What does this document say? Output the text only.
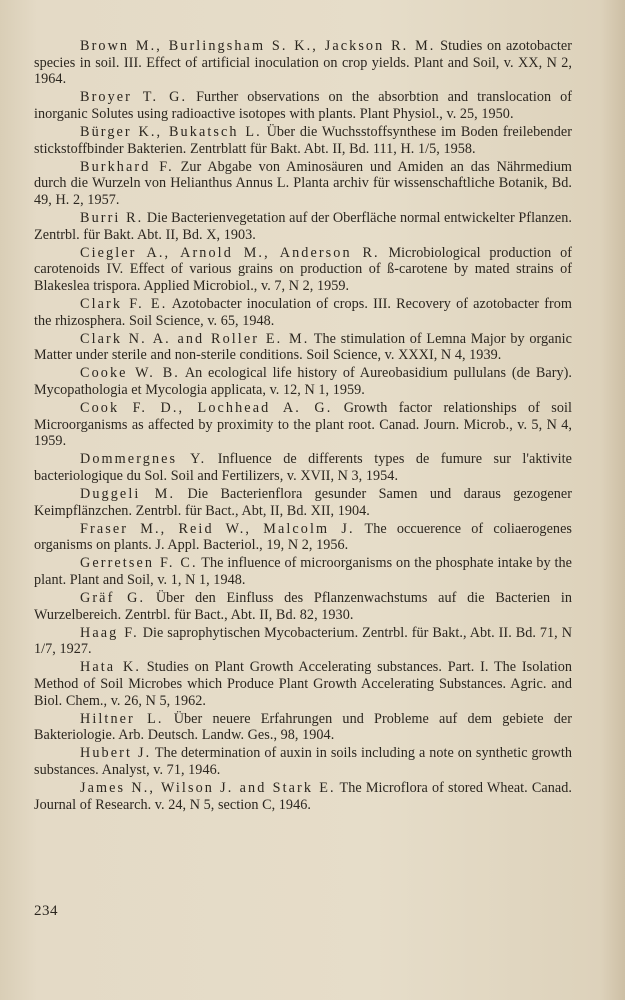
Brown M., Burlingsham S. K., Jackson R. M. Studies on azotobacter species in soil. III. Effect of artificial inoculation on crop yields. Plant and Soil, v. XX, N 2, 1964.

Broyer T. G. Further observations on the absorbtion and translocation of inorganic Solutes using radioactive isotopes with plants. Plant Physiol., v. 25, 1950.

Bürger K., Bukatsch L. Über die Wuchsstoffsynthese im Boden freilebender stickstoffbinder Bakterien. Zentrblatt für Bakt. Abt. II, Bd. 111, H. 1/5, 1958.

Burkhard F. Zur Abgabe von Aminosäuren und Amiden an das Nährmedium durch die Wurzeln von Helianthus Annus L. Planta archiv für wissenschaftliche Botanik, Bd. 49, H. 2, 1957.

Burri R. Die Bacterienvegetation auf der Oberfläche normal entwickelter Pflanzen. Zentrbl. für Bakt. Abt. II, Bd. X, 1903.

Ciegler A., Arnold M., Anderson R. Microbiological production of carotenoids IV. Effect of various grains on production of ß-carotene by mated strains of Blakeslea trispora. Applied Microbiol., v. 7, N 2, 1959.

Clark F. E. Azotobacter inoculation of crops. III. Recovery of azotobacter from the rhizosphera. Soil Science, v. 65, 1948.

Clark N. A. and Roller E. M. The stimulation of Lemna Major by organic Matter under sterile and non-sterile conditions. Soil Science, v. XXXI, N 4, 1939.

Cooke W. B. An ecological life history of Aureobasidium pullulans (de Bary). Mycopathologia et Mycologia applicata, v. 12, N 1, 1959.

Cook F. D., Lochhead A. G. Growth factor relationships of soil Microorganisms as affected by proximity to the plant root. Canad. Journ. Microb., v. 5, N 4, 1959.

Dommergnes Y. Influence de differents types de fumure sur l'aktivite bacteriologique du Sol. Soil and Fertilizers, v. XVII, N 3, 1954.

Duggeli M. Die Bacterienflora gesunder Samen und daraus gezogener Keimpflänzchen. Zentrbl. für Bact., Abt, II, Bd. XII, 1904.

Fraser M., Reid W., Malcolm J. The occuerence of coliaerogenes organisms on plants. J. Appl. Bacteriol., 19, N 2, 1956.

Gerretsen F. C. The influence of microorganisms on the phosphate intake by the plant. Plant and Soil, v. 1, N 1, 1948.

Gräf G. Über den Einfluss des Pflanzenwachstums auf die Bacterien in Wurzelbereich. Zentrbl. für Bact., Abt. II, Bd. 82, 1930.

Haag F. Die saprophytischen Mycobacterium. Zentrbl. für Bakt., Abt. II. Bd. 71, N 1/7, 1927.

Hata K. Studies on Plant Growth Accelerating substances. Part. I. The Isolation Method of Soil Microbes which Produce Plant Growth Accelerating Substances. Agric. and Biol. Chem., v. 26, N 5, 1962.

Hiltner L. Über neuere Erfahrungen und Probleme auf dem gebiete der Bakteriologie. Arb. Deutsch. Landw. Ges., 98, 1904.

Hubert J. The determination of auxin in soils including a note on synthetic growth substances. Analyst, v. 71, 1946.

James N., Wilson J. and Stark E. The Microflora of stored Wheat. Canad. Journal of Research. v. 24, N 5, section C, 1946.

234
